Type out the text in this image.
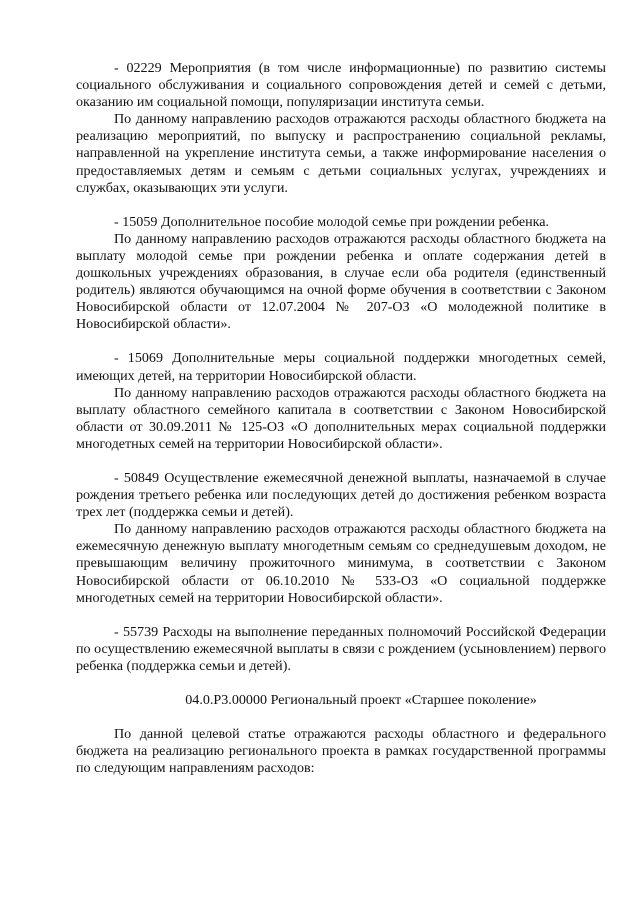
- 02229 Мероприятия (в том числе информационные) по развитию системы социального обслуживания и социального сопровождения детей и семей с детьми, оказанию им социальной помощи, популяризации института семьи.

По данному направлению расходов отражаются расходы областного бюджета на реализацию мероприятий, по выпуску и распространению социальной рекламы, направленной на укрепление института семьи, а также информирование населения о предоставляемых детям и семьям с детьми социальных услугах, учреждениях и службах, оказывающих эти услуги.

- 15059 Дополнительное пособие молодой семье при рождении ребенка.

По данному направлению расходов отражаются расходы областного бюджета на выплату молодой семье при рождении ребенка и оплате содержания детей в дошкольных учреждениях образования, в случае если оба родителя (единственный родитель) являются обучающимся на очной форме обучения в соответствии с Законом Новосибирской области от 12.07.2004 № 207-ОЗ «О молодежной политике в Новосибирской области».

- 15069 Дополнительные меры социальной поддержки многодетных семей, имеющих детей, на территории Новосибирской области.

По данному направлению расходов отражаются расходы областного бюджета на выплату областного семейного капитала в соответствии с Законом Новосибирской области от 30.09.2011 № 125-ОЗ «О дополнительных мерах социальной поддержки многодетных семей на территории Новосибирской области».

- 50849 Осуществление ежемесячной денежной выплаты, назначаемой в случае рождения третьего ребенка или последующих детей до достижения ребенком возраста трех лет (поддержка семьи и детей).

По данному направлению расходов отражаются расходы областного бюджета на ежемесячную денежную выплату многодетным семьям со среднедушевым доходом, не превышающим величину прожиточного минимума, в соответствии с Законом Новосибирской области от 06.10.2010 № 533-ОЗ «О социальной поддержке многодетных семей на территории Новосибирской области».

- 55739 Расходы на выполнение переданных полномочий Российской Федерации по осуществлению ежемесячной выплаты в связи с рождением (усыновлением) первого ребенка (поддержка семьи и детей).

04.0.Р3.00000 Региональный проект «Старшее поколение»

По данной целевой статье отражаются расходы областного и федерального бюджета на реализацию регионального проекта в рамках государственной программы по следующим направлениям расходов:
